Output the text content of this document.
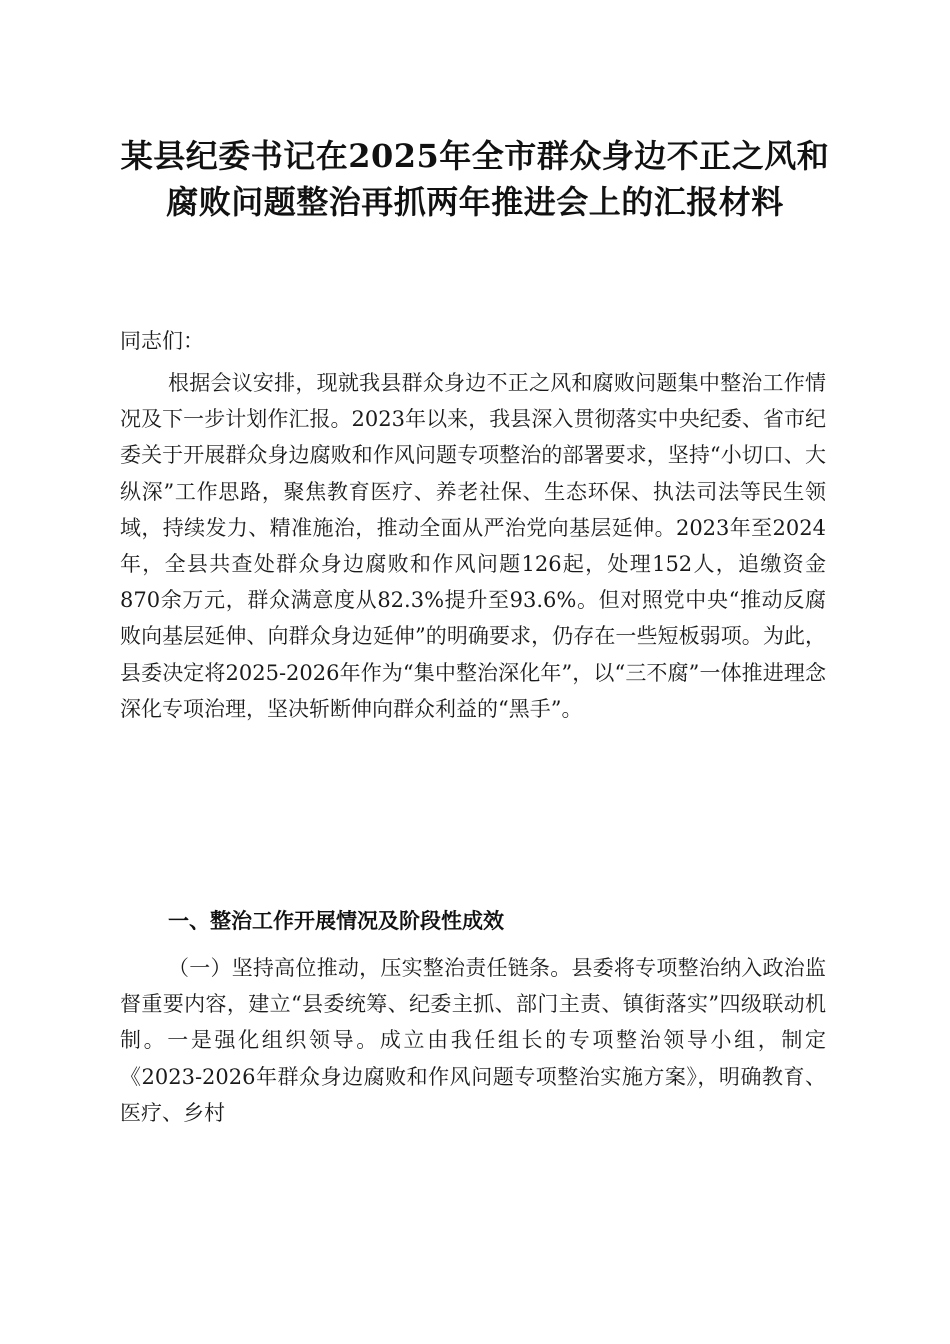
某县纪委书记在2025年全市群众身边不正之风和腐败问题整治再抓两年推进会上的汇报材料

同志们：

根据会议安排，现就我县群众身边不正之风和腐败问题集中整治工作情况及下一步计划作汇报。2023年以来，我县深入贯彻落实中央纪委、省市纪委关于开展群众身边腐败和作风问题专项整治的部署要求，坚持“小切口、大纵深”工作思路，聚焦教育医疗、养老社保、生态环保、执法司法等民生领域，持续发力、精准施治，推动全面从严治党向基层延伸。2023年至2024年，全县共查处群众身边腐败和作风问题126起，处理152人，追缴资金870余万元，群众满意度从82.3%提升至93.6%。但对照党中央“推动反腐败向基层延伸、向群众身边延伸”的明确要求，仍存在一些短板弱项。为此，县委决定将2025-2026年作为“集中整治深化年”，以“三不腐”一体推进理念深化专项治理，坚决斩断伸向群众利益的“黑手”。

一、整治工作开展情况及阶段性成效

（一）坚持高位推动，压实整治责任链条。县委将专项整治纳入政治监督重要内容，建立“县委统筹、纪委主抓、部门主责、镇街落实”四级联动机制。一是强化组织领导。成立由我任组长的专项整治领导小组，制定《2023-2026年群众身边腐败和作风问题专项整治实施方案》，明确教育、医疗、乡村
